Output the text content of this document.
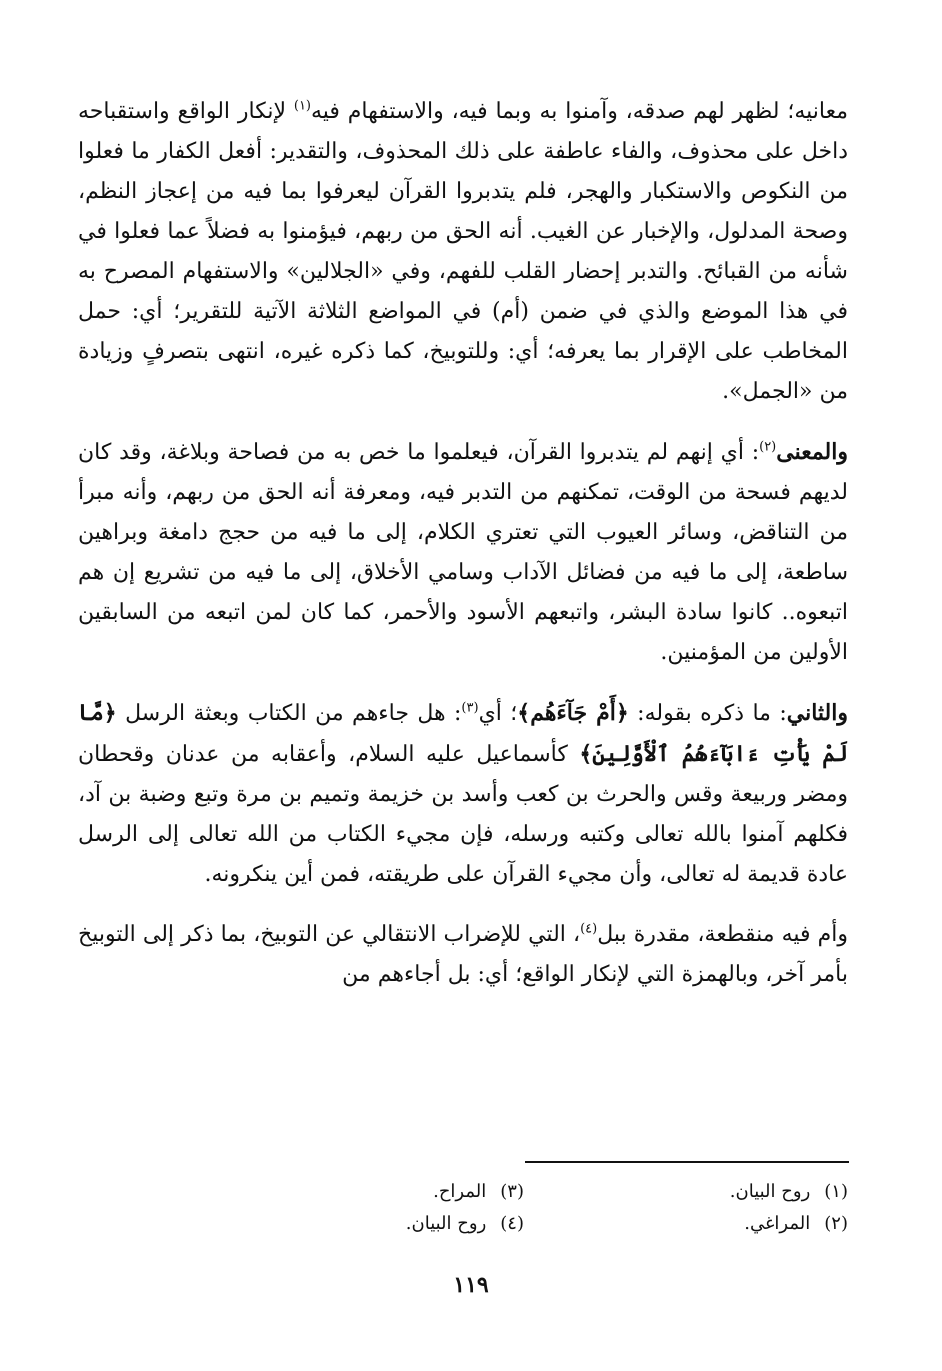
معانيه؛ لظهر لهم صدقه، وآمنوا به وبما فيه، والاستفهام فيه$^{(١)}$ لإنكار الواقع واستقباحه داخل على محذوف، والفاء عاطفة على ذلك المحذوف، والتقدير: أفعل الكفار ما فعلوا من النكوص والاستكبار والهجر، فلم يتدبروا القرآن ليعرفوا بما فيه من إعجاز النظم، وصحة المدلول، والإخبار عن الغيب. أنه الحق من ربهم، فيؤمنوا به فضلاً عما فعلوا في شأنه من القبائح. والتدبر إحضار القلب للفهم، وفي «الجلالين» والاستفهام المصرح به في هذا الموضع والذي في ضمن (أم) في المواضع الثلاثة الآتية للتقرير؛ أي: حمل المخاطب على الإقرار بما يعرفه؛ أي: وللتوبيخ، كما ذكره غيره، انتهى بتصرفٍ وزيادة من «الجمل».

والمعنى$^{(٢)}$: أي إنهم لم يتدبروا القرآن، فيعلموا ما خص به من فصاحة وبلاغة، وقد كان لديهم فسحة من الوقت، تمكنهم من التدبر فيه، ومعرفة أنه الحق من ربهم، وأنه مبرأ من التناقض، وسائر العيوب التي تعتري الكلام، إلى ما فيه من حجج دامغة وبراهين ساطعة، إلى ما فيه من فضائل الآداب وسامي الأخلاق، إلى ما فيه من تشريع إن هم اتبعوه.. كانوا سادة البشر، واتبعهم الأسود والأحمر، كما كان لمن اتبعه من السابقين الأولين من المؤمنين.

والثاني: ما ذكره بقوله: ﴿أَمْ جَآءَهُم﴾؛ أي$^{(٣)}$: هل جاءهم من الكتاب وبعثة الرسل ﴿مَّا لَمْ يَأْتِ ءَابَآءَهُمُ ٱلْأَوَّلِينَ﴾ كأسماعيل عليه السلام، وأعقابه من عدنان وقحطان ومضر وربيعة وقس والحرث بن كعب وأسد بن خزيمة وتميم بن مرة وتبع وضبة بن آد، فكلهم آمنوا بالله تعالى وكتبه ورسله، فإن مجيء الكتاب من الله تعالى إلى الرسل عادة قديمة له تعالى، وأن مجيء القرآن على طريقته، فمن أين ينكرونه.

وأم فيه منقطعة، مقدرة ببل$^{(٤)}$، التي للإضراب الانتقالي عن التوبيخ، بما ذكر إلى التوبيخ بأمر آخر، وبالهمزة التي لإنكار الواقع؛ أي: بل أجاءهم من

(١)
روح البيان.
(٣)
المراح.
(٢)
المراغي.
(٤)
روح البيان.
١١٩
